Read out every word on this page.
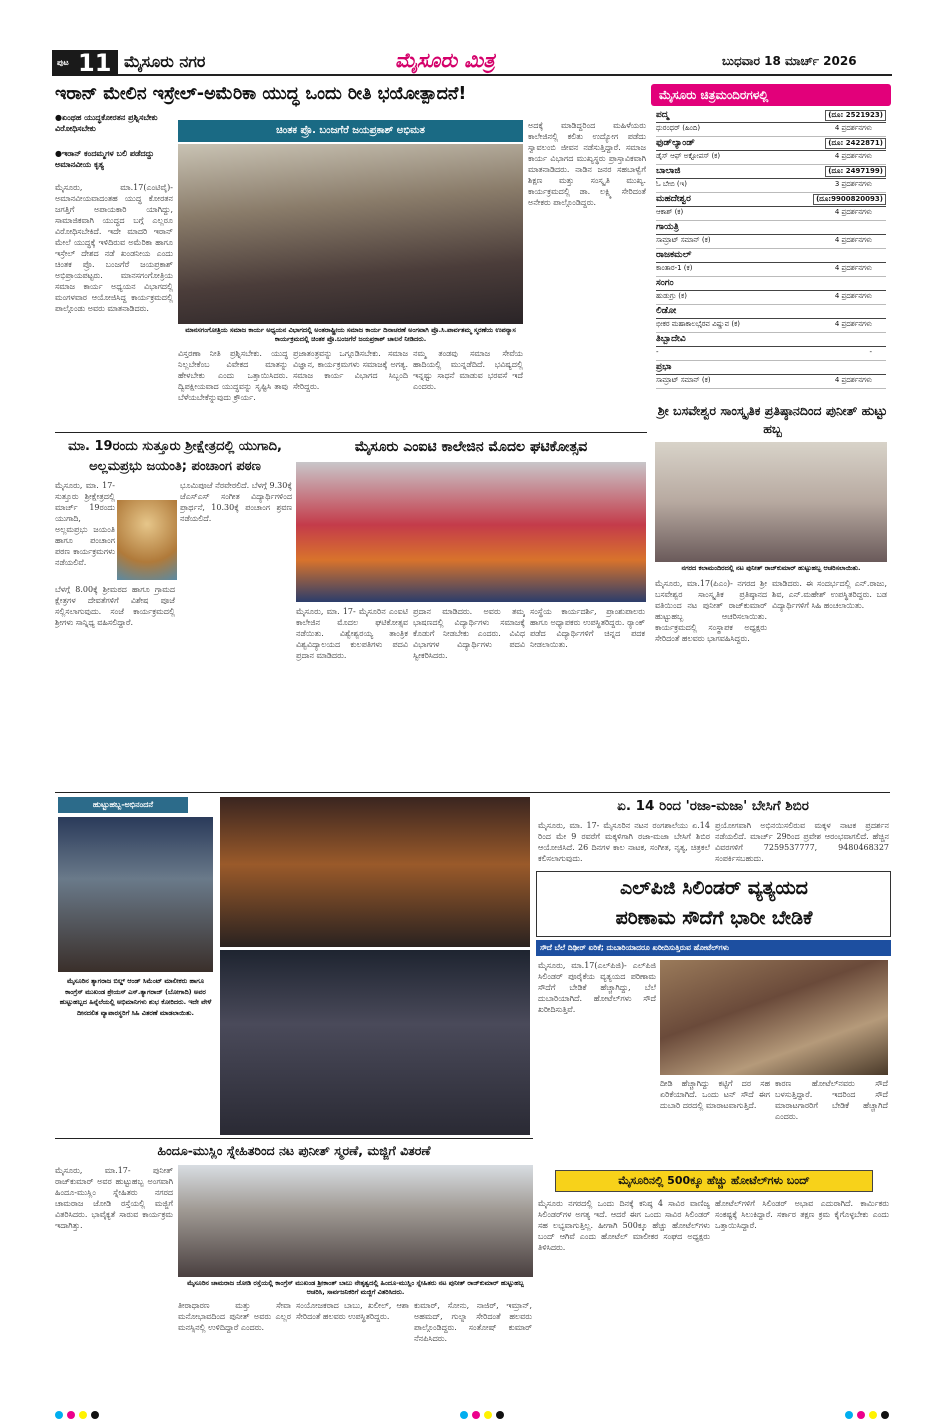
ಪುಟ 11 ಮೈಸೂರು ನಗರ	ಮೈಸೂರು ಮಿತ್ರ	ಬುಧವಾರ 18 ಮಾರ್ಚ್ 2026
ಇರಾನ್ ಮೇಲಿನ ಇಸ್ರೇಲ್-ಅಮೆರಿಕಾ ಯುದ್ಧ ಒಂದು ರೀತಿ ಭಯೋತ್ಪಾದನೆ!
●ಏಂಥಹ ಯುದ್ಧಕೋರತನ ಪ್ರಶ್ನಿಸಬೇಕು ವಿರೋಧಿಸಬೇಕು
●ಇರಾನ್ ಕಂದಮ್ಮಗಳ ಬಲಿ ಪಡೆದದ್ದು ಅಮಾನವೀಯ ಕೃತ್ಯ
ಚಿಂತಕ ಪ್ರೊ. ಬಂಜಗೆರೆ ಜಯಪ್ರಕಾಶ್ ಅಭಿಮತ
ಮಾನಸಗಂಗೋತ್ರಿಯ ಸಮಾಜ ಕಾರ್ಯ ಅಧ್ಯಯನ ವಿಭಾಗದಲ್ಲಿ ಅಂತರಾಷ್ಟ್ರೀಯ ಸಮಾಜ ಕಾರ್ಯ ದಿನಾಚರಣೆ ಅಂಗವಾಗಿ ಪ್ರೊ.ಸಿ.ಪಾರ್ವತಮ್ಮ ಸ್ಮರಣೆಯ ಉಪನ್ಯಾಸ ಕಾರ್ಯಕ್ರಮದಲ್ಲಿ ಚಿಂತಕ ಪ್ರೊ.ಬಂಜಗೆರೆ ಜಯಪ್ರಕಾಶ್ ಚಾಲನೆ ನೀಡಿದರು.
ಮೈಸೂರು, ಮಾ.17(ಎಂಟಿವೈ)- ಅಮಾನವೀಯವಾದಂತಹ ಯುದ್ಧ ಕೋರತನ ಜಗತ್ತಿಗೆ ಅಪಾಯಕಾರಿ ಯಾಗಿದ್ದು, ಸಾಮಾಜಿಕವಾಗಿ ಯುದ್ಧದ ಬಗ್ಗೆ ಎಲ್ಲರೂ ವಿರೋಧಿಸಬೇಕಿದೆ. ಇದೇ ಮಾದರಿ ಇರಾನ್ ಮೇಲೆ ಯುದ್ಧಕ್ಕೆ ಇಳಿದಿರುವ ಅಮೆರಿಕಾ ಹಾಗೂ ಇಸ್ರೇಲ್ ದೇಶದ ನಡೆ ಖಂಡನೀಯ ಎಂದು ಚಿಂತಕ ಪ್ರೊ. ಬಂಜಗೆರೆ ಜಯಪ್ರಕಾಶ್ ಅಭಿಪ್ರಾಯಪಟ್ಟರು. ಮಾನಸಗಂಗೋತ್ರಿಯ ಸಮಾಜ ಕಾರ್ಯ ಅಧ್ಯಯನ ವಿಭಾಗದಲ್ಲಿ ಮಂಗಳವಾರ ಆಯೋಜಿಸಿದ್ದ ಕಾರ್ಯಕ್ರಮದಲ್ಲಿ ಪಾಲ್ಗೊಂಡು ಅವರು ಮಾತನಾಡಿದರು.
ವಿಸ್ತರಣಾ ನೀತಿ ಪ್ರಶ್ನಿಸಬೇಕು. ಯುದ್ಧ ನಿಲ್ಲಬೇಕೆಂಬ ವಿವೇಕದ ಮಾತನ್ನು ಹೇಳಬೇಕು ಎಂದು ಒತ್ತಾಯಿಸಿದರು. ದ್ವಿಪಕ್ಷೀಯವಾದ ಯುದ್ಧವನ್ನು ಸೃಷ್ಟಿಸಿ ತಾವು ಬೆಳೆಯಬೇಕೆನ್ನುವುದು ಕ್ರೌರ್ಯ.
ಪ್ರಜಾತಂತ್ರವನ್ನು ಒಗ್ಗೂಡಿಸಬೇಕು. ಸಮಾಜ ವಿಜ್ಞಾನ, ಕಾರ್ಯಕ್ರಮಗಳು ಸಮಾಜಕ್ಕೆ ಅಗತ್ಯ. ಸಮಾಜ ಕಾರ್ಯ ವಿಭಾಗದ ಸಿಬ್ಬಂದಿ ಸೇರಿದ್ದರು.
ನಮ್ಮ ತಂಡವು ಸಮಾಜ ಸೇವೆಯ ಹಾದಿಯಲ್ಲಿ ಮುನ್ನಡೆದಿದೆ. ಭವಿಷ್ಯದಲ್ಲಿ ಇನ್ನಷ್ಟು ಸಾಧನೆ ಮಾಡುವ ಭರವಸೆ ಇದೆ ಎಂದರು.
ಅದಕ್ಕೆ ಮಾಡಿದ್ದರಿಂದ ಮಹಿಳೆಯರು ಕಾಲೇಜಿನಲ್ಲಿ ಕಲಿತು ಉದ್ಯೋಗ ಪಡೆದು ಸ್ವಾವಲಂಬಿ ಜೀವನ ನಡೆಸುತ್ತಿದ್ದಾರೆ. ಸಮಾಜ ಕಾರ್ಯ ವಿಭಾಗದ ಮುಖ್ಯಸ್ಥರು ಪ್ರಾಸ್ತಾವಿಕವಾಗಿ ಮಾತನಾಡಿದರು. ನಾಡಿನ ಜನರ ಸಹಬಾಳ್ವೆಗೆ ಶಿಕ್ಷಣ ಮತ್ತು ಸಂಸ್ಕೃತಿ ಮುಖ್ಯ. ಕಾರ್ಯಕ್ರಮದಲ್ಲಿ ಡಾ. ಲಕ್ಷ್ಮಿ ಸೇರಿದಂತೆ ಅನೇಕರು ಪಾಲ್ಗೊಂಡಿದ್ದರು.
ಮೈಸೂರು ಚಿತ್ರಮಂದಿರಗಳಲ್ಲಿ
ಪದ್ಮ	(ದೂ: 2521923)
ಧುರಂಧರ್ (ಹಿಂದಿ)	4 ಪ್ರದರ್ಶನಗಳು
ಫುಡ್‌ಲ್ಯಾಂಡ್	(ದೂ: 2422871)
ಡೈಸ್ ಆಫ್ ಅಕ್ಟೋಪಸ್ (ಕ)	4 ಪ್ರದರ್ಶನಗಳು
ಬಾಲಾಜಿ	(ದೂ: 2497199)
ಓ ಬೇಬಿ (ಇ)	3 ಪ್ರದರ್ಶನಗಳು
ಮಹದೇಶ್ವರ	(ದೂ:9900820093)
ಆಕಾಶ್ (ಕ)	4 ಪ್ರದರ್ಶನಗಳು
ಗಾಯತ್ರಿ
ಸಾಮ್ರಾಟ್ ಸಮಾನ್ (ಕ)	4 ಪ್ರದರ್ಶನಗಳು
ರಾಜಕಮಲ್
ಕಾಂತಾರ-1 (ಕ)	4 ಪ್ರದರ್ಶನಗಳು
ಸಂಗಂ
ಹುಡುಗ್ರು (ಕ)	4 ಪ್ರದರ್ಶನಗಳು
ಲಿಡೋ
ಭೀಕರ ಮಹಾಕಾಲಭೈರವ ವಿಷ್ಣುವ (ಕ)	4 ಪ್ರದರ್ಶನಗಳು
ತಿಬ್ಬಾದೇವಿ
-	-
ಪ್ರಭಾ
ಸಾಮ್ರಾಟ್ ಸಮಾನ್ (ಕ)	4 ಪ್ರದರ್ಶನಗಳು
ಶ್ರೀ ಬಸವೇಶ್ವರ ಸಾಂಸ್ಕೃತಿಕ ಪ್ರತಿಷ್ಠಾನದಿಂದ ಪುನೀತ್ ಹುಟ್ಟು ಹಬ್ಬ
ನಗರದ ಕಲಾಮಂದಿರದಲ್ಲಿ ನಟ ಪುನೀತ್ ರಾಜ್‌ಕುಮಾರ್ ಹುಟ್ಟುಹಬ್ಬ ಆಚರಿಸಲಾಯಿತು.
ಮೈಸೂರು, ಮಾ.17(ಪಿಎಂ)- ನಗರದ ಶ್ರೀ ಬಸವೇಶ್ವರ ಸಾಂಸ್ಕೃತಿಕ ಪ್ರತಿಷ್ಠಾನದ ವತಿಯಿಂದ ನಟ ಪುನೀತ್ ರಾಜ್‌ಕುಮಾರ್ ಹುಟ್ಟುಹಬ್ಬ ಆಚರಿಸಲಾಯಿತು. ಕಾರ್ಯಕ್ರಮದಲ್ಲಿ ಸಂಸ್ಥಾಪಕ ಅಧ್ಯಕ್ಷರು ಸೇರಿದಂತೆ ಹಲವರು ಭಾಗವಹಿಸಿದ್ದರು.
ಮಾಡಿದರು. ಈ ಸಂದರ್ಭದಲ್ಲಿ ಎನ್.ರಾಜು, ಶಿವ, ಎನ್.ಮಹೇಶ್ ಉಪಸ್ಥಿತರಿದ್ದರು. ಬಡ ವಿದ್ಯಾರ್ಥಿಗಳಿಗೆ ಸಿಹಿ ಹಂಚಲಾಯಿತು.
ಮಾ. 19ರಂದು ಸುತ್ತೂರು ಶ್ರೀಕ್ಷೇತ್ರದಲ್ಲಿ ಯುಗಾದಿ,
ಅಲ್ಲಮಪ್ರಭು ಜಯಂತಿ; ಪಂಚಾಂಗ ಪಠಣ
ಮೈಸೂರು, ಮಾ. 17- ಸುತ್ತೂರು ಶ್ರೀಕ್ಷೇತ್ರದಲ್ಲಿ ಮಾರ್ಚ್ 19ರಂದು ಯುಗಾದಿ, ಅಲ್ಲಮಪ್ರಭು ಜಯಂತಿ ಹಾಗೂ ಪಂಚಾಂಗ ಪಠಣ ಕಾರ್ಯಕ್ರಮಗಳು ನಡೆಯಲಿವೆ.
ಭೂಮಿಪೂಜೆ ನೆರವೇರಲಿದೆ. ಬೆಳಗ್ಗೆ 9.30ಕ್ಕೆ ಜೆಎಸ್‌ಎಸ್ ಸಂಗೀತ ವಿದ್ಯಾರ್ಥಿಗಳಿಂದ ಪ್ರಾರ್ಥನೆ, 10.30ಕ್ಕೆ ಪಂಚಾಂಗ ಶ್ರವಣ ನಡೆಯಲಿದೆ.
ಬೆಳಗ್ಗೆ 8.00ಕ್ಕೆ ಶ್ರೀಮಠದ ಹಾಗೂ ಗ್ರಾಮದ ಕ್ಷೇತ್ರಗಳ ದೇವತೆಗಳಿಗೆ ವಿಶೇಷ ಪೂಜೆ ಸಲ್ಲಿಸಲಾಗುವುದು. ಸಂಜೆ ಕಾರ್ಯಕ್ರಮದಲ್ಲಿ ಶ್ರೀಗಳು ಸಾನ್ನಿಧ್ಯ ವಹಿಸಲಿದ್ದಾರೆ.
ಮೈಸೂರು ಎಂಐಟಿ ಕಾಲೇಜಿನ ಮೊದಲ ಘಟಿಕೋತ್ಸವ
ಮೈಸೂರು, ಮಾ. 17- ಮೈಸೂರಿನ ಎಂಐಟಿ ಕಾಲೇಜಿನ ಮೊದಲ ಘಟಿಕೋತ್ಸವ ನಡೆಯಿತು. ವಿಶ್ವೇಶ್ವರಯ್ಯ ತಾಂತ್ರಿಕ ವಿಶ್ವವಿದ್ಯಾಲಯದ ಕುಲಪತಿಗಳು ಪದವಿ ಪ್ರದಾನ ಮಾಡಿದರು.
ಪ್ರದಾನ ಮಾಡಿದರು. ಅವರು ತಮ್ಮ ಭಾಷಣದಲ್ಲಿ ವಿದ್ಯಾರ್ಥಿಗಳು ಸಮಾಜಕ್ಕೆ ಕೊಡುಗೆ ನೀಡಬೇಕು ಎಂದರು. ವಿವಿಧ ವಿಭಾಗಗಳ ವಿದ್ಯಾರ್ಥಿಗಳು ಪದವಿ ಸ್ವೀಕರಿಸಿದರು.
ಸಂಸ್ಥೆಯ ಕಾರ್ಯದರ್ಶಿ, ಪ್ರಾಂಶುಪಾಲರು ಹಾಗೂ ಅಧ್ಯಾಪಕರು ಉಪಸ್ಥಿತರಿದ್ದರು. ರ್‍ಯಾಂಕ್ ಪಡೆದ ವಿದ್ಯಾರ್ಥಿಗಳಿಗೆ ಚಿನ್ನದ ಪದಕ ನೀಡಲಾಯಿತು.
ಹುಟ್ಟುಹಬ್ಬ-ಅಭಿನಂದನೆ
ಮೈಸೂರಿನ ತ್ಯಾಗರಾಜ ಬಿಲ್ಡ್ ಆಂಡ್ ಸಿಮೆಂಟ್ ಮಾಲೀಕರು ಹಾಗೂ ಕಾಂಗ್ರೆಸ್ ಮುಖಂಡ ಶ್ರೇಯಸ್ ಎಸ್.ತ್ಯಾಗರಾಜ್ (ಬೋಗಾದಿ) ಅವರ ಹುಟ್ಟುಹಬ್ಬದ ಹಿನ್ನೆಲೆಯಲ್ಲಿ ಅಭಿಮಾನಿಗಳು ಶುಭ ಕೋರಿದರು. ಇದೇ ವೇಳೆ ದೀನದಲಿತ ವ್ಯಾಪಾರಸ್ಥರಿಗೆ ಸಿಹಿ ವಿತರಣೆ ಮಾಡಲಾಯಿತು.
ಏ. 14 ರಿಂದ 'ರಜಾ-ಮಜಾ' ಬೇಸಿಗೆ ಶಿಬಿರ
ಮೈಸೂರು, ಮಾ. 17- ಮೈಸೂರಿನ ನಟನ ರಂಗಶಾಲೆಯು ಏ.14 ರಿಂದ ಮೇ 9 ರವರೆಗೆ ಮಕ್ಕಳಿಗಾಗಿ ರಜಾ-ಮಜಾ ಬೇಸಿಗೆ ಶಿಬಿರ ಆಯೋಜಿಸಿದೆ. 26 ದಿನಗಳ ಕಾಲ ನಾಟಕ, ಸಂಗೀತ, ನೃತ್ಯ, ಚಿತ್ರಕಲೆ ಕಲಿಸಲಾಗುವುದು.
ಪ್ರಯೋಗವಾಗಿ ಅಭಿನಯಿಸಲಿರುವ ಮಕ್ಕಳ ನಾಟಕ ಪ್ರದರ್ಶನ ನಡೆಯಲಿದೆ. ಮಾರ್ಚ್ 29ರಿಂದ ಪ್ರವೇಶ ಆರಂಭವಾಗಲಿದೆ. ಹೆಚ್ಚಿನ ವಿವರಗಳಿಗೆ 7259537777, 9480468327 ಸಂಪರ್ಕಿಸಬಹುದು.
ಎಲ್‌ಪಿಜಿ ಸಿಲಿಂಡರ್ ವ್ಯತ್ಯಯದ
ಪರಿಣಾಮ ಸೌದೆಗೆ ಭಾರೀ ಬೇಡಿಕೆ
ಸೌದೆ ಬೆಲೆ ದಿಢೀರ್ ಏರಿಕೆ; ದುಬಾರಿಯಾದರೂ ಖರೀದಿಸುತ್ತಿರುವ ಹೋಟೆಲ್‌ಗಳು
ಮೈಸೂರು, ಮಾ.17(ಎಲ್‌ಪಿಜಿ)- ಎಲ್‌ಪಿಜಿ ಸಿಲಿಂಡರ್ ಪೂರೈಕೆಯ ವ್ಯತ್ಯಯದ ಪರಿಣಾಮ ಸೌದೆಗೆ ಬೇಡಿಕೆ ಹೆಚ್ಚಾಗಿದ್ದು, ಬೆಲೆ ದುಬಾರಿಯಾಗಿದೆ. ಹೋಟೆಲ್‌ಗಳು ಸೌದೆ ಖರೀದಿಸುತ್ತಿವೆ.
ದೀಡಿ ಹೆಚ್ಚಾಗಿದ್ದು ಕಟ್ಟಿಗೆ ದರ ಸಹ ಏರಿಕೆಯಾಗಿದೆ. ಒಂದು ಟನ್ ಸೌದೆ ಈಗ ದುಬಾರಿ ದರದಲ್ಲಿ ಮಾರಾಟವಾಗುತ್ತಿದೆ.
ಕಾರಣ ಹೋಟೆಲ್‌ನವರು ಸೌದೆ ಬಳಸುತ್ತಿದ್ದಾರೆ. ಇದರಿಂದ ಸೌದೆ ಮಾರಾಟಗಾರರಿಗೆ ಬೇಡಿಕೆ ಹೆಚ್ಚಾಗಿದೆ ಎಂದರು.
ಮೈಸೂರಿನಲ್ಲಿ 500ಕ್ಕೂ ಹೆಚ್ಚು ಹೋಟೆಲ್‌ಗಳು ಬಂದ್
ಮೈಸೂರು ನಗರದಲ್ಲಿ ಒಂದು ದಿನಕ್ಕೆ ಕನಿಷ್ಠ 4 ಸಾವಿರ ವಾಣಿಜ್ಯ ಸಿಲಿಂಡರ್‌ಗಳ ಅಗತ್ಯ ಇದೆ. ಆದರೆ ಈಗ ಒಂದು ಸಾವಿರ ಸಿಲಿಂಡರ್ ಸಹ ಲಭ್ಯವಾಗುತ್ತಿಲ್ಲ. ಹೀಗಾಗಿ 500ಕ್ಕೂ ಹೆಚ್ಚು ಹೋಟೆಲ್‌ಗಳು ಬಂದ್ ಆಗಿವೆ ಎಂದು ಹೋಟೆಲ್ ಮಾಲೀಕರ ಸಂಘದ ಅಧ್ಯಕ್ಷರು ತಿಳಿಸಿದರು.
ಹೋಟೆಲ್‌ಗಳಿಗೆ ಸಿಲಿಂಡರ್ ಅಭಾವ ಎದುರಾಗಿದೆ. ಕಾರ್ಮಿಕರು ಸಂಕಷ್ಟಕ್ಕೆ ಸಿಲುಕಿದ್ದಾರೆ. ಸರ್ಕಾರ ತಕ್ಷಣ ಕ್ರಮ ಕೈಗೊಳ್ಳಬೇಕು ಎಂದು ಒತ್ತಾಯಿಸಿದ್ದಾರೆ.
ಹಿಂದೂ-ಮುಸ್ಲಿಂ ಸ್ನೇಹಿತರಿಂದ ನಟ ಪುನೀತ್ ಸ್ಮರಣೆ, ಮಜ್ಜಿಗೆ ವಿತರಣೆ
ಮೈಸೂರು, ಮಾ.17- ಪುನೀತ್ ರಾಜ್‌ಕುಮಾರ್ ಅವರ ಹುಟ್ಟುಹಬ್ಬ ಅಂಗವಾಗಿ ಹಿಂದೂ-ಮುಸ್ಲಿಂ ಸ್ನೇಹಿತರು ನಗರದ ಚಾಮರಾಜ ಜೋಡಿ ರಸ್ತೆಯಲ್ಲಿ ಮಜ್ಜಿಗೆ ವಿತರಿಸಿದರು. ಭಾವೈಕ್ಯತೆ ಸಾರುವ ಕಾರ್ಯಕ್ರಮ ಇದಾಗಿತ್ತು.
ಮೈಸೂರಿನ ಚಾಮರಾಜ ಜೋಡಿ ರಸ್ತೆಯಲ್ಲಿ ಕಾಂಗ್ರೆಸ್ ಮುಖಂಡ ಶ್ರೀಕಾಂತ್ ಬಾಬು ನೇತೃತ್ವದಲ್ಲಿ ಹಿಂದೂ-ಮುಸ್ಲಿಂ ಸ್ನೇಹಿತರು ನಟ ಪುನೀತ್ ರಾಜ್‌ಕುಮಾರ್ ಹುಟ್ಟುಹಬ್ಬ ಆಚರಿಸಿ, ಸಾರ್ವಜನಿಕರಿಗೆ ಮಜ್ಜಿಗೆ ವಿತರಿಸಿದರು.
ತೀರಾಧಾರಣ ಮತ್ತು ಸೇವಾ ಮನೋಭಾವದಿಂದ ಪುನೀತ್ ಅವರು ಎಲ್ಲರ ಮನಸ್ಸಿನಲ್ಲಿ ಉಳಿದಿದ್ದಾರೆ ಎಂದರು.
ಸಂಯೋಜಕರಾದ ಬಾಬು, ಖಲೀಲ್, ಆಶಾ ಸೇರಿದಂತೆ ಹಲವರು ಉಪಸ್ಥಿತರಿದ್ದರು.
ಕುಮಾರ್, ಸೋನು, ನಾಜಿರ್, ಇಮ್ರಾನ್, ಅಹಮದ್, ಗುಲ್ನಾ ಸೇರಿದಂತೆ ಹಲವರು ಪಾಲ್ಗೊಂಡಿದ್ದರು. ಸಂತೋಷ್ ಕುಮಾರ್ ನೆನಪಿಸಿದರು.
